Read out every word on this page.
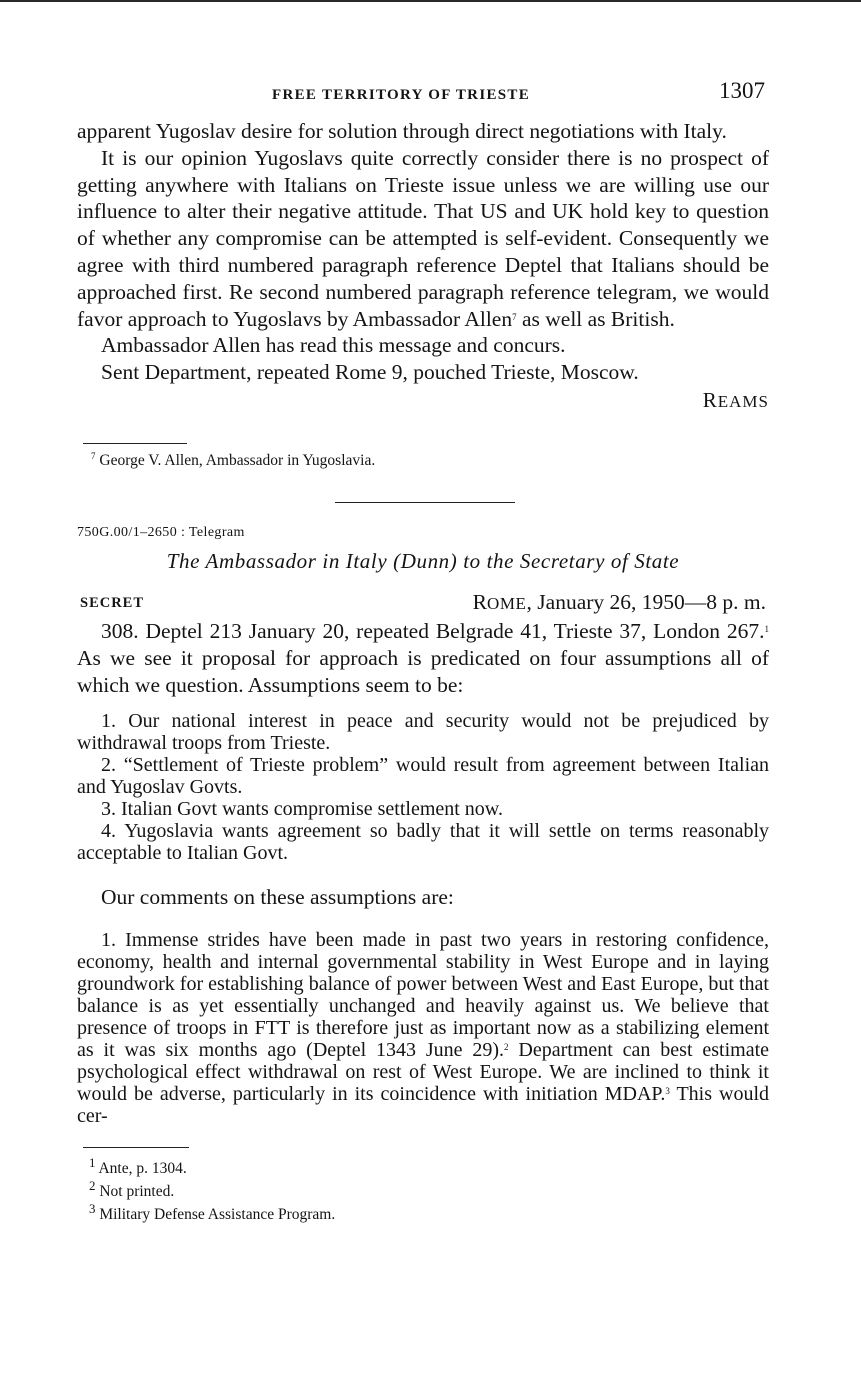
FREE TERRITORY OF TRIESTE	1307

apparent Yugoslav desire for solution through direct negotiations with Italy.

It is our opinion Yugoslavs quite correctly consider there is no prospect of getting anywhere with Italians on Trieste issue unless we are willing use our influence to alter their negative attitude. That US and UK hold key to question of whether any compromise can be attempted is self-evident. Consequently we agree with third numbered paragraph reference Deptel that Italians should be approached first. Re second numbered paragraph reference telegram, we would favor approach to Yugoslavs by Ambassador Allen$^7$ as well as British.

Ambassador Allen has read this message and concurs.

Sent Department, repeated Rome 9, pouched Trieste, Moscow.

REAMS

$^7$ George V. Allen, Ambassador in Yugoslavia.

750G.00/1–2650 : Telegram

The Ambassador in Italy (Dunn) to the Secretary of State

SECRET	ROME, January 26, 1950—8 p. m.

308. Deptel 213 January 20, repeated Belgrade 41, Trieste 37, London 267.$^1$ As we see it proposal for approach is predicated on four assumptions all of which we question. Assumptions seem to be:

1. Our national interest in peace and security would not be prejudiced by withdrawal troops from Trieste.

2. “Settlement of Trieste problem” would result from agreement between Italian and Yugoslav Govts.

3. Italian Govt wants compromise settlement now.

4. Yugoslavia wants agreement so badly that it will settle on terms reasonably acceptable to Italian Govt.

Our comments on these assumptions are:

1. Immense strides have been made in past two years in restoring confidence, economy, health and internal governmental stability in West Europe and in laying groundwork for establishing balance of power between West and East Europe, but that balance is as yet essentially unchanged and heavily against us. We believe that presence of troops in FTT is therefore just as important now as a stabilizing element as it was six months ago (Deptel 1343 June 29).$^2$ Department can best estimate psychological effect withdrawal on rest of West Europe. We are inclined to think it would be adverse, particularly in its coincidence with initiation MDAP.$^3$ This would cer-

$^1$ Ante, p. 1304.

$^2$ Not printed.

$^3$ Military Defense Assistance Program.
